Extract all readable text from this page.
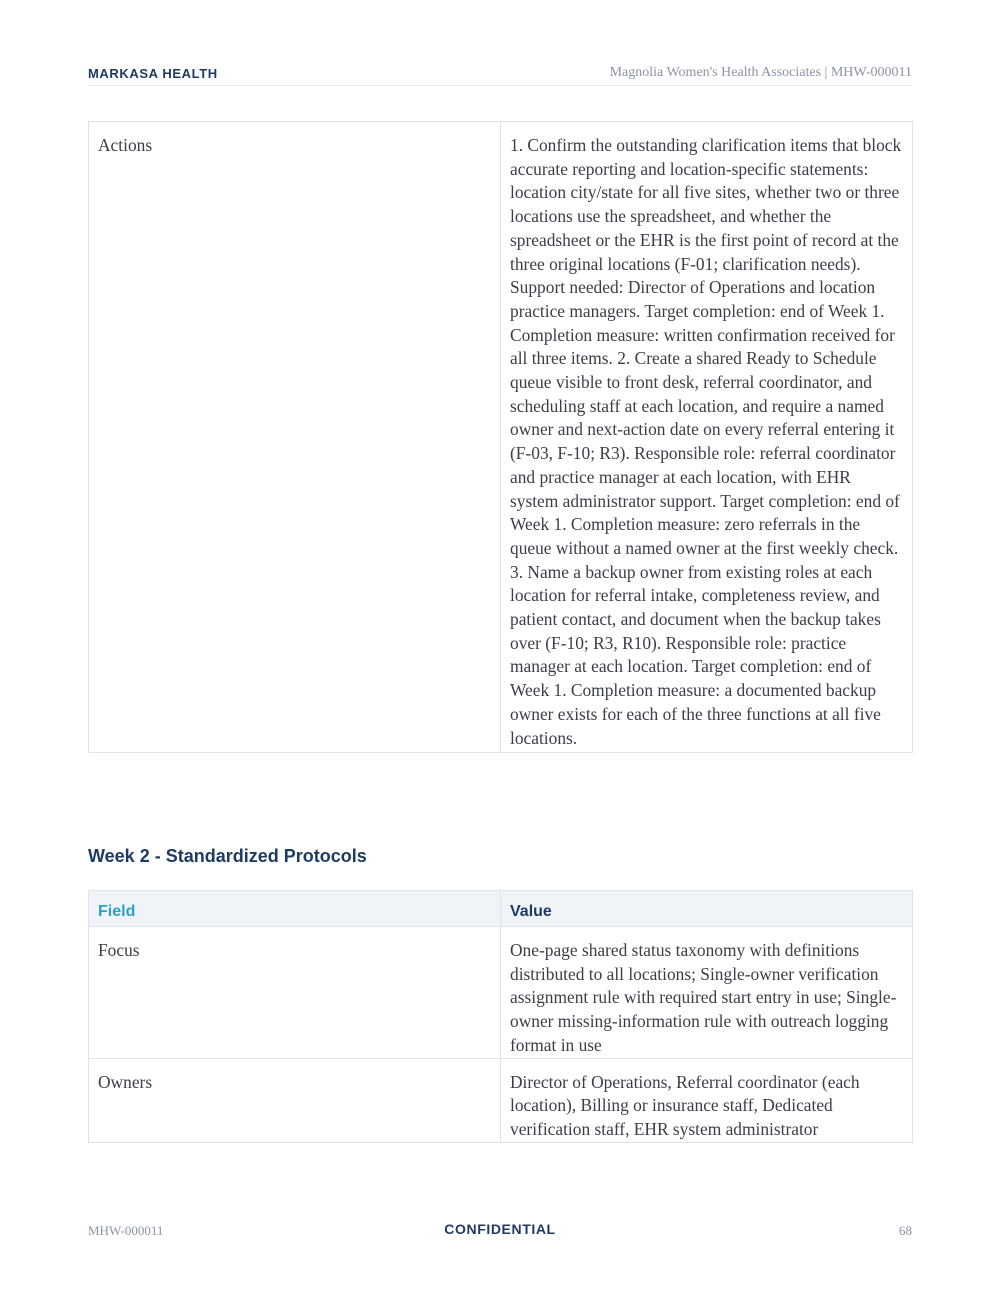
MARKASA HEALTH	Magnolia Women's Health Associates | MHW-000011
Actions	1. Confirm the outstanding clarification items that block accurate reporting and location-specific statements: location city/state for all five sites, whether two or three locations use the spreadsheet, and whether the spreadsheet or the EHR is the first point of record at the three original locations (F-01; clarification needs). Support needed: Director of Operations and location practice managers. Target completion: end of Week 1. Completion measure: written confirmation received for all three items. 2. Create a shared Ready to Schedule queue visible to front desk, referral coordinator, and scheduling staff at each location, and require a named owner and next-action date on every referral entering it (F-03, F-10; R3). Responsible role: referral coordinator and practice manager at each location, with EHR system administrator support. Target completion: end of Week 1. Completion measure: zero referrals in the queue without a named owner at the first weekly check. 3. Name a backup owner from existing roles at each location for referral intake, completeness review, and patient contact, and document when the backup takes over (F-10; R3, R10). Responsible role: practice manager at each location. Target completion: end of Week 1. Completion measure: a documented backup owner exists for each of the three functions at all five locations.
Week 2 - Standardized Protocols
Field	Value
Focus	One-page shared status taxonomy with definitions distributed to all locations; Single-owner verification assignment rule with required start entry in use; Single-owner missing-information rule with outreach logging format in use
Owners	Director of Operations, Referral coordinator (each location), Billing or insurance staff, Dedicated verification staff, EHR system administrator
MHW-000011	CONFIDENTIAL	68
